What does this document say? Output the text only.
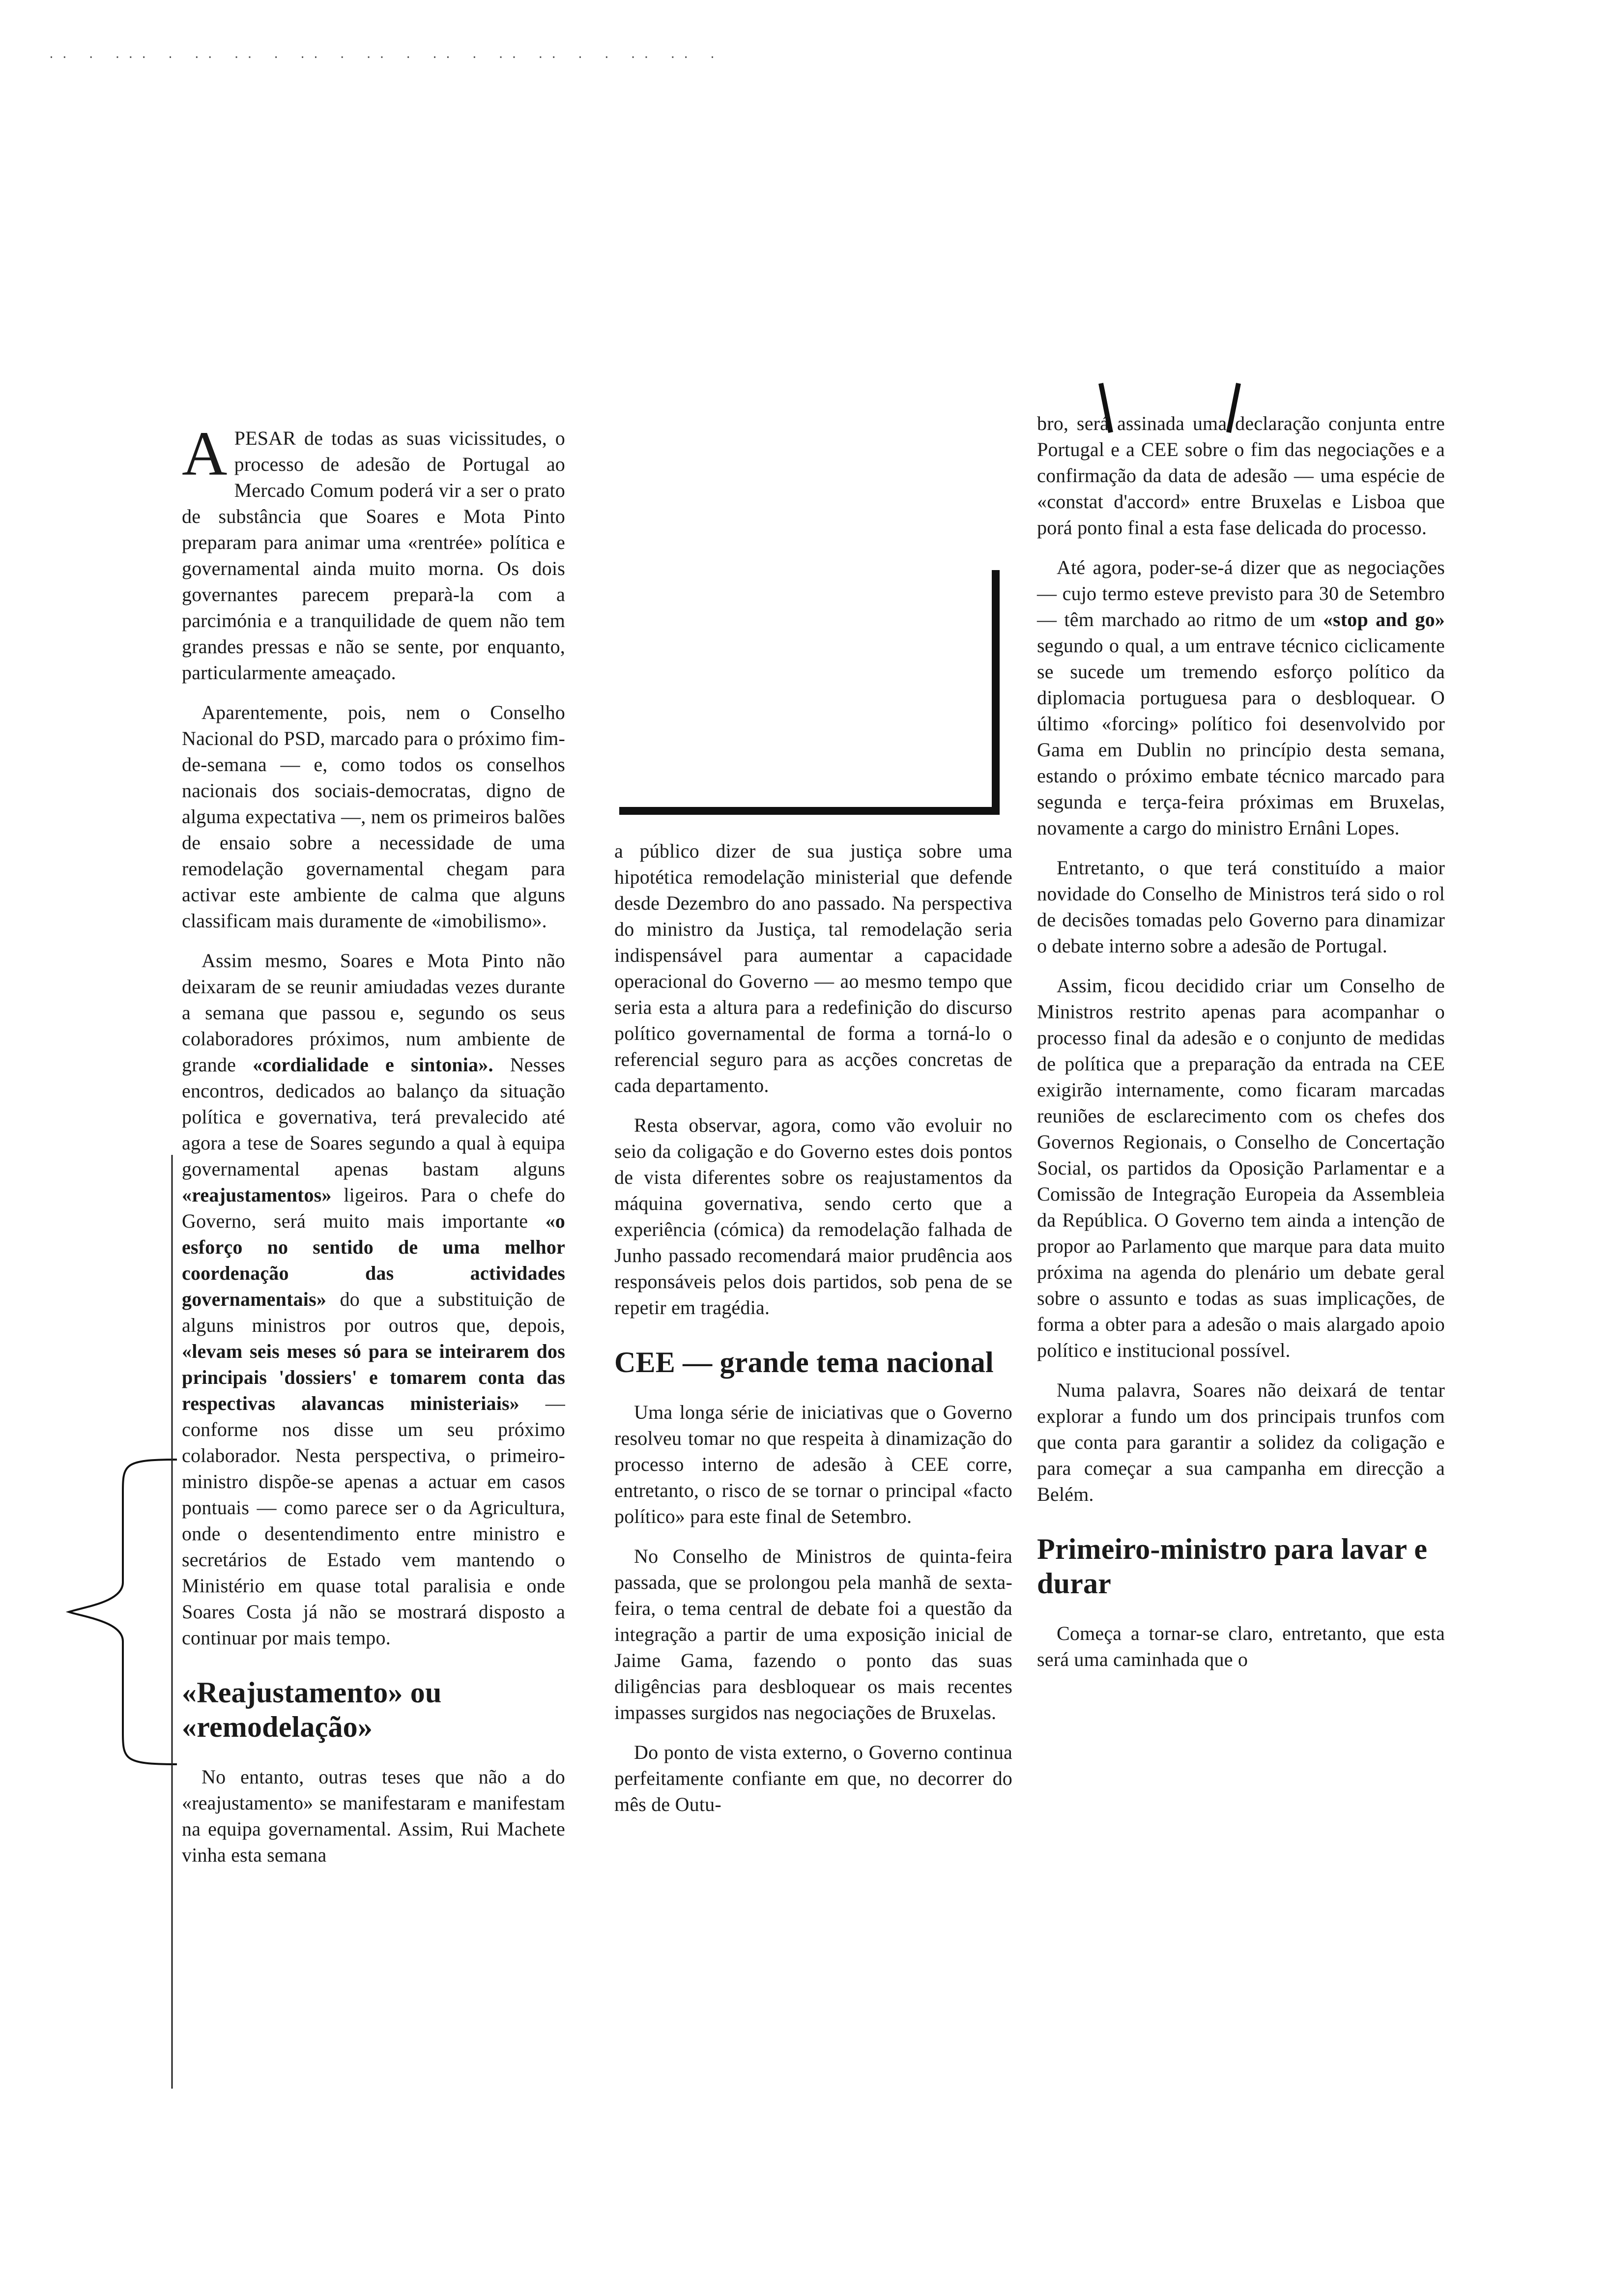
·· · ··· · ·· ·· · ·· · ·· · ·· · ·· ·· · · ·· ·· ·

A PESAR de todas as suas vicissitudes, o processo de adesão de Portugal ao Mercado Comum poderá vir a ser o prato de substância que Soares e Mota Pinto preparam para animar uma «rentrée» política e governamental ainda muito morna. Os dois governantes parecem preparà-la com a parcimónia e a tranquilidade de quem não tem grandes pressas e não se sente, por enquanto, particularmente ameaçado.

Aparentemente, pois, nem o Conselho Nacional do PSD, marcado para o próximo fim-de-semana — e, como todos os conselhos nacionais dos sociais-democratas, digno de alguma expectativa —, nem os primeiros balões de ensaio sobre a necessidade de uma remodelação governamental chegam para activar este ambiente de calma que alguns classificam mais duramente de «imobilismo».

Assim mesmo, Soares e Mota Pinto não deixaram de se reunir amiudadas vezes durante a semana que passou e, segundo os seus colaboradores próximos, num ambiente de grande «cordialidade e sintonia». Nesses encontros, dedicados ao balanço da situação política e governativa, terá prevalecido até agora a tese de Soares segundo a qual à equipa governamental apenas bastam alguns «reajustamentos» ligeiros. Para o chefe do Governo, será muito mais importante «o esforço no sentido de uma melhor coordenação das actividades governamentais» do que a substituição de alguns ministros por outros que, depois, «levam seis meses só para se inteirarem dos principais 'dossiers' e tomarem conta das respectivas alavancas ministeriais» —conforme nos disse um seu próximo colaborador. Nesta perspectiva, o primeiro-ministro dispõe-se apenas a actuar em casos pontuais — como parece ser o da Agricultura, onde o desentendimento entre ministro e secretários de Estado vem mantendo o Ministério em quase total paralisia e onde Soares Costa já não se mostrará disposto a continuar por mais tempo.

«Reajustamento» ou «remodelação»

No entanto, outras teses que não a do «reajustamento» se manifestaram e manifestam na equipa governamental. Assim, Rui Machete vinha esta semana

a público dizer de sua justiça sobre uma hipotética remodelação ministerial que defende desde Dezembro do ano passado. Na perspectiva do ministro da Justiça, tal remodelação seria indispensável para aumentar a capacidade operacional do Governo — ao mesmo tempo que seria esta a altura para a redefinição do discurso político governamental de forma a torná-lo o referencial seguro para as acções concretas de cada departamento.

Resta observar, agora, como vão evoluir no seio da coligação e do Governo estes dois pontos de vista diferentes sobre os reajustamentos da máquina governativa, sendo certo que a experiência (cómica) da remodelação falhada de Junho passado recomendará maior prudência aos responsáveis pelos dois partidos, sob pena de se repetir em tragédia.

CEE — grande tema nacional

Uma longa série de iniciativas que o Governo resolveu tomar no que respeita à dinamização do processo interno de adesão à CEE corre, entretanto, o risco de se tornar o principal «facto político» para este final de Setembro.

No Conselho de Ministros de quinta-feira passada, que se prolongou pela manhã de sexta-feira, o tema central de debate foi a questão da integração a partir de uma exposição inicial de Jaime Gama, fazendo o ponto das suas diligências para desbloquear os mais recentes impasses surgidos nas negociações de Bruxelas.

Do ponto de vista externo, o Governo continua perfeitamente confiante em que, no decorrer do mês de Outu-

bro, será assinada uma declaração conjunta entre Portugal e a CEE sobre o fim das negociações e a confirmação da data de adesão — uma espécie de «constat d'accord» entre Bruxelas e Lisboa que porá ponto final a esta fase delicada do processo.

Até agora, poder-se-á dizer que as negociações — cujo termo esteve previsto para 30 de Setembro — têm marchado ao ritmo de um «stop and go» segundo o qual, a um entrave técnico ciclicamente se sucede um tremendo esforço político da diplomacia portuguesa para o desbloquear. O último «forcing» político foi desenvolvido por Gama em Dublin no princípio desta semana, estando o próximo embate técnico marcado para segunda e terça-feira próximas em Bruxelas, novamente a cargo do ministro Ernâni Lopes.

Entretanto, o que terá constituído a maior novidade do Conselho de Ministros terá sido o rol de decisões tomadas pelo Governo para dinamizar o debate interno sobre a adesão de Portugal.

Assim, ficou decidido criar um Conselho de Ministros restrito apenas para acompanhar o processo final da adesão e o conjunto de medidas de política que a preparação da entrada na CEE exigirão internamente, como ficaram marcadas reuniões de esclarecimento com os chefes dos Governos Regionais, o Conselho de Concertação Social, os partidos da Oposição Parlamentar e a Comissão de Integração Europeia da Assembleia da República. O Governo tem ainda a intenção de propor ao Parlamento que marque para data muito próxima na agenda do plenário um debate geral sobre o assunto e todas as suas implicações, de forma a obter para a adesão o mais alargado apoio político e institucional possível.

Numa palavra, Soares não deixará de tentar explorar a fundo um dos principais trunfos com que conta para garantir a solidez da coligação e para começar a sua campanha em direcção a Belém.

Primeiro-ministro para lavar e durar

Começa a tornar-se claro, entretanto, que esta será uma caminhada que o
